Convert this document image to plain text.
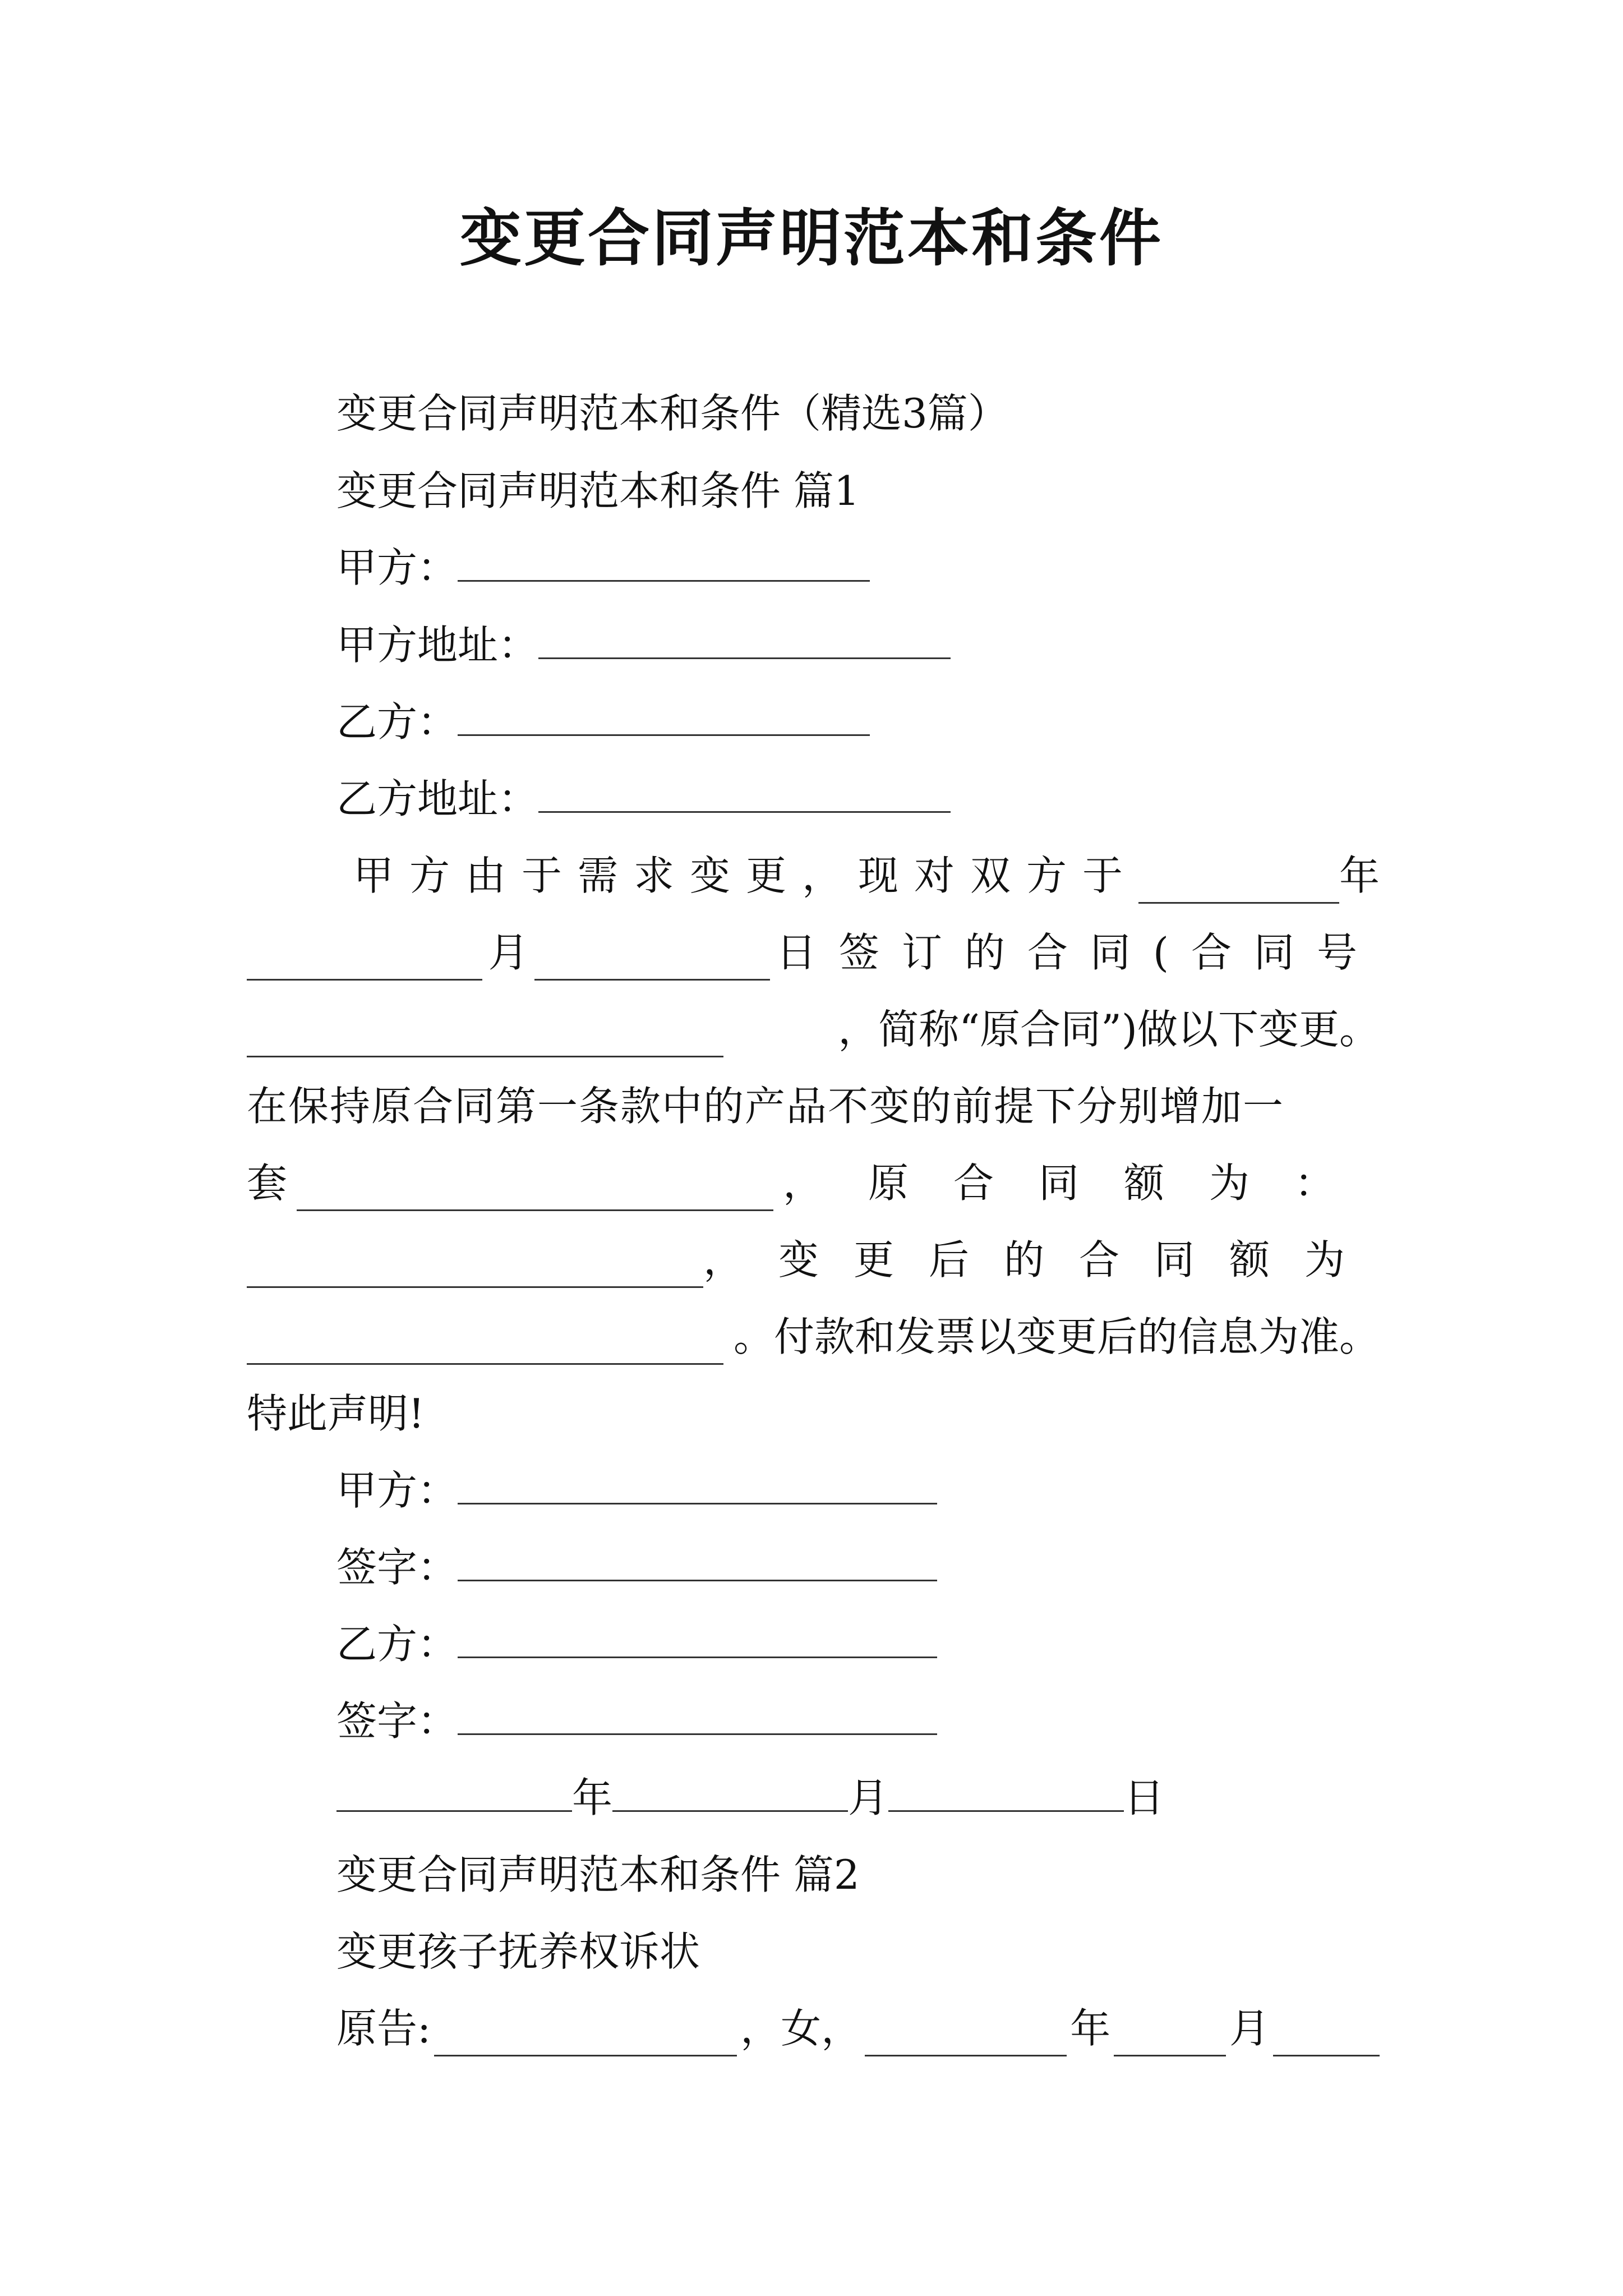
变更合同声明范本和条件
变更合同声明范本和条件（精选3篇）
变更合同声明范本和条件 篇1
甲方：
甲方地址：
乙方：
乙方地址：
甲方由于需求变更，现对双方于	年
月	日签订的合同(合同号
，简称“原合同”)做以下变更。
在保持原合同第一条款中的产品不变的前提下分别增加一
套	，原合同额为：
，变更后的合同额为
。付款和发票以变更后的信息为准。
特此声明!
甲方：
签字：
乙方：
签字：
年	月	日
变更合同声明范本和条件 篇2
变更孩子抚养权诉状
原告:	，女，	年	月
